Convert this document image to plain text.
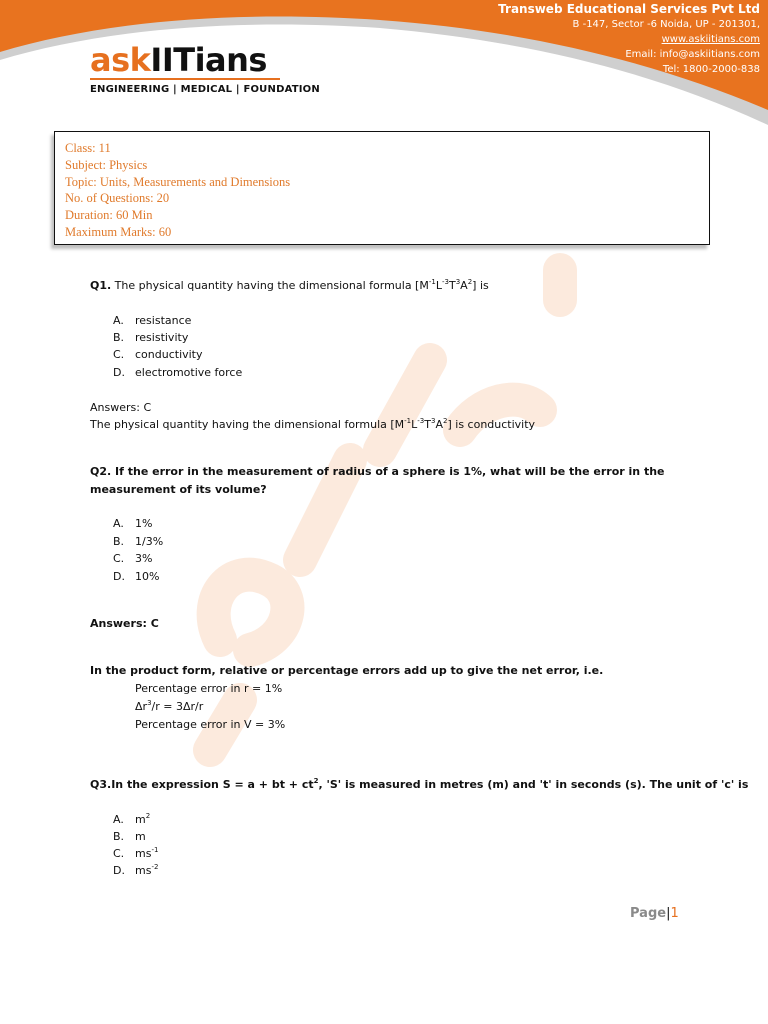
Transweb Educational Services Pvt Ltd
B -147, Sector -6 Noida, UP - 201301,
www.askiitians.com
Email: info@askiitians.com
Tel: 1800-2000-838
askIITians
ENGINEERING | MEDICAL | FOUNDATION
Class: 11
Subject: Physics
Topic: Units, Measurements and Dimensions
No. of Questions: 20
Duration: 60 Min
Maximum Marks: 60
Q1. The physical quantity having the dimensional formula $[M^{-1}L^{-3}T^3A^2]$ is
A. resistance
B. resistivity
C. conductivity
D. electromotive force
Answers: C
The physical quantity having the dimensional formula $[M^{-1}L^{-3}T^3A^2]$ is conductivity
Q2. If the error in the measurement of radius of a sphere is 1%, what will be the error in the
measurement of its volume?
A. 1%
B. 1/3%
C. 3%
D. 10%
Answers: C
In the product form, relative or percentage errors add up to give the net error, i.e.
Percentage error in r = 1%
$\Delta r^3/r = 3\Delta r/r$
Percentage error in V = 3%
Q3.In the expression S = a + bt + $ct^2$, 'S' is measured in metres (m) and 't' in seconds (s). The unit of 'c' is
A. $m^2$
B. m
C. $ms^{-1}$
D. $ms^{-2}$
Page|1
